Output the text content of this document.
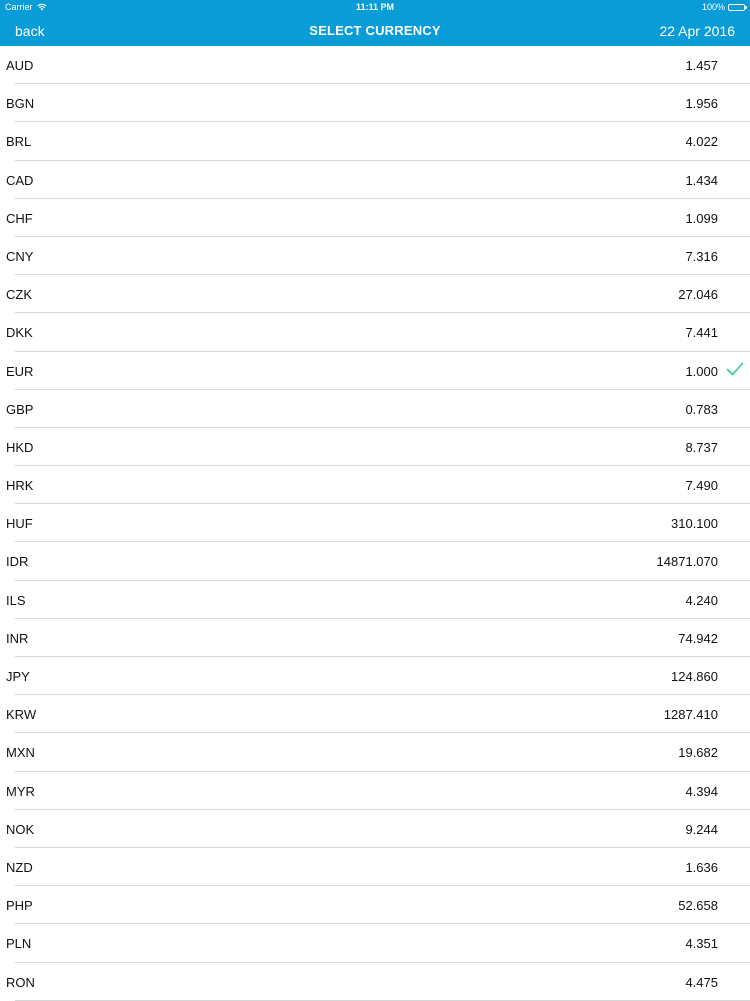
Carrier	11:11 PM	100%
back	SELECT CURRENCY	22 Apr 2016
AUD	1.457
BGN	1.956
BRL	4.022
CAD	1.434
CHF	1.099
CNY	7.316
CZK	27.046
DKK	7.441
EUR	1.000
GBP	0.783
HKD	8.737
HRK	7.490
HUF	310.100
IDR	14871.070
ILS	4.240
INR	74.942
JPY	124.860
KRW	1287.410
MXN	19.682
MYR	4.394
NOK	9.244
NZD	1.636
PHP	52.658
PLN	4.351
RON	4.475
